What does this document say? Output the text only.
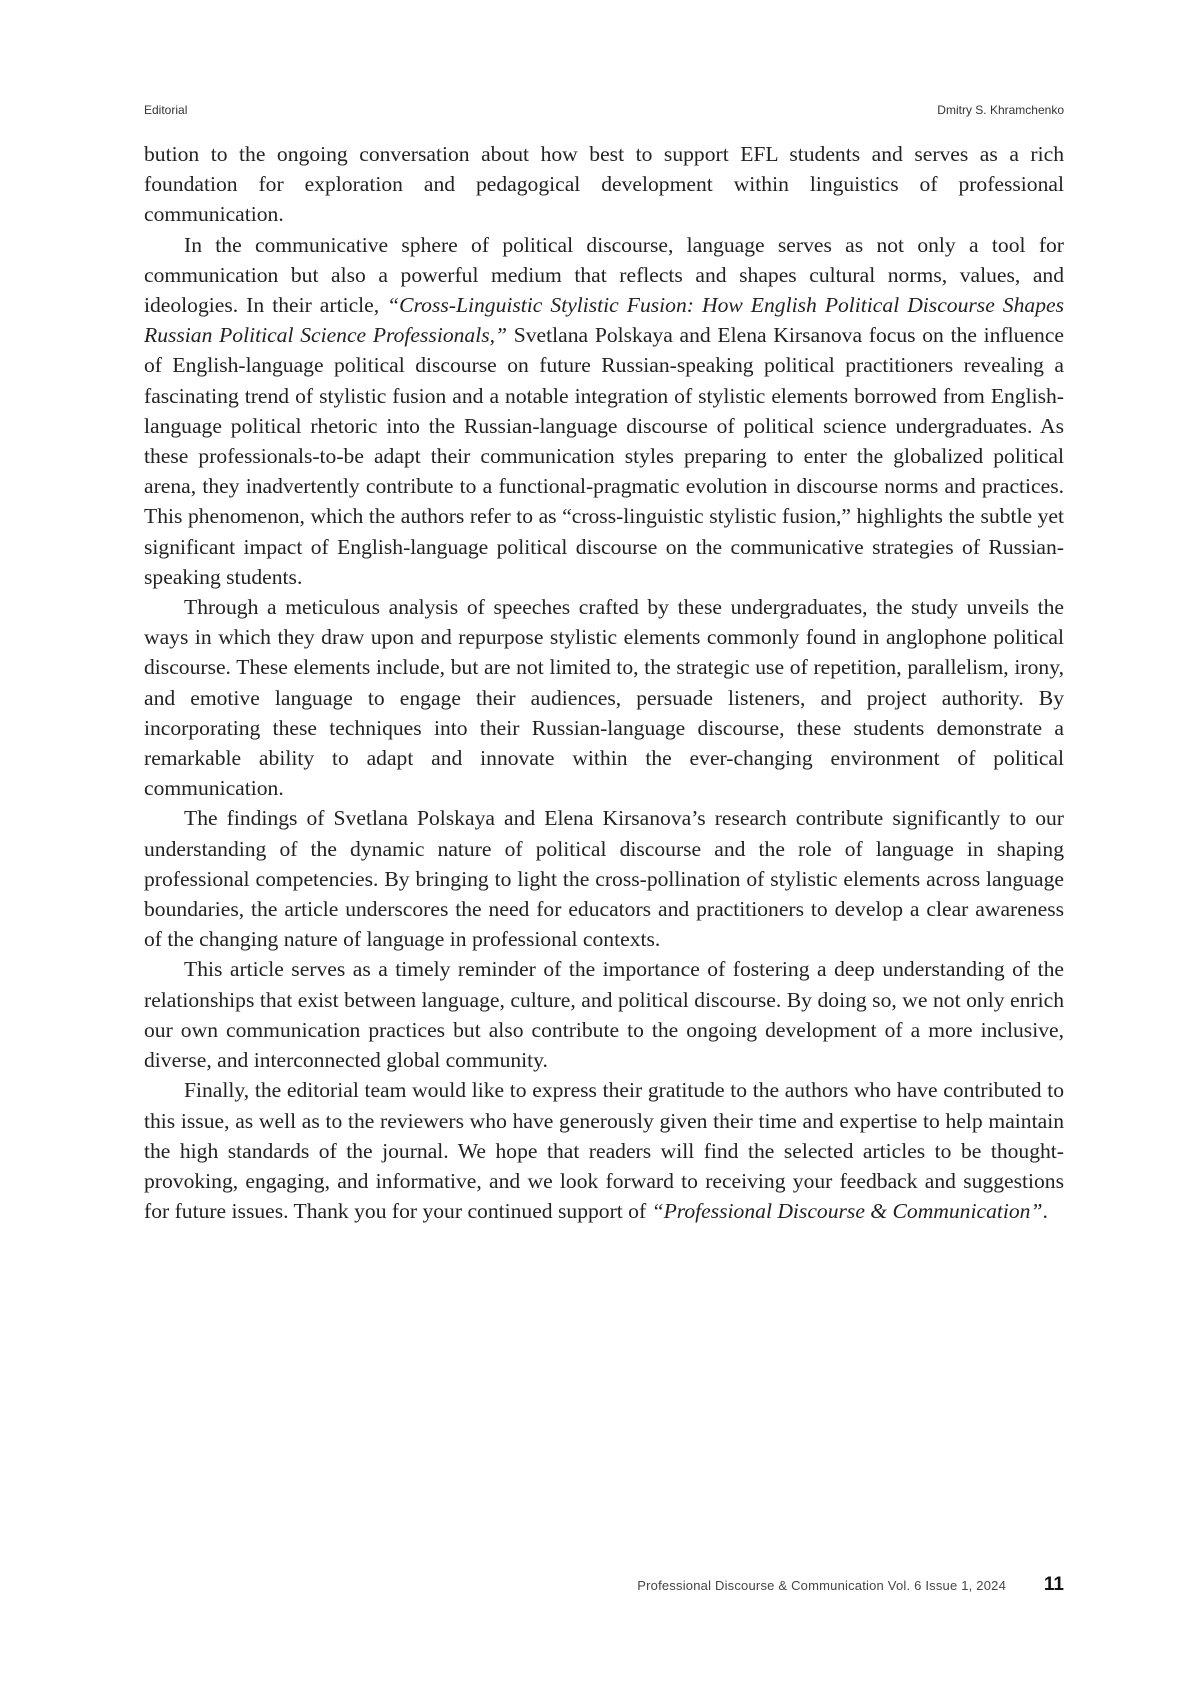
Editorial	Dmitry S. Khramchenko

bution to the ongoing conversation about how best to support EFL students and serves as a rich foundation for exploration and pedagogical development within linguistics of professional communication.

In the communicative sphere of political discourse, language serves as not only a tool for communication but also a powerful medium that reflects and shapes cultural norms, values, and ideologies. In their article, “Cross-Linguistic Stylistic Fusion: How English Political Discourse Shapes Russian Political Science Professionals,” Svetlana Polskaya and Elena Kirsanova focus on the influence of English-language political discourse on future Russian-speaking political practitioners revealing a fascinating trend of stylistic fusion and a notable integration of stylistic elements borrowed from English-language political rhetoric into the Russian-language discourse of political science undergraduates. As these professionals-to-be adapt their communication styles preparing to enter the globalized political arena, they inadvertently contribute to a functional-pragmatic evolution in discourse norms and practices. This phenomenon, which the authors refer to as “cross-linguistic stylistic fusion,” highlights the subtle yet significant impact of English-language political discourse on the communicative strategies of Russian-speaking students.

Through a meticulous analysis of speeches crafted by these undergraduates, the study unveils the ways in which they draw upon and repurpose stylistic elements commonly found in anglophone political discourse. These elements include, but are not limited to, the strategic use of repetition, parallelism, irony, and emotive language to engage their audiences, persuade listeners, and project authority. By incorporating these techniques into their Russian-language discourse, these students demonstrate a remarkable ability to adapt and innovate within the ever-changing environment of political communication.

The findings of Svetlana Polskaya and Elena Kirsanova’s research contribute significantly to our understanding of the dynamic nature of political discourse and the role of language in shaping professional competencies. By bringing to light the cross-pollination of stylistic elements across language boundaries, the article underscores the need for educators and practitioners to develop a clear awareness of the changing nature of language in professional contexts.

This article serves as a timely reminder of the importance of fostering a deep understanding of the relationships that exist between language, culture, and political discourse. By doing so, we not only enrich our own communication practices but also contribute to the ongoing development of a more inclusive, diverse, and interconnected global community.

Finally, the editorial team would like to express their gratitude to the authors who have contributed to this issue, as well as to the reviewers who have generously given their time and expertise to help maintain the high standards of the journal. We hope that readers will find the selected articles to be thought-provoking, engaging, and informative, and we look forward to receiving your feedback and suggestions for future issues. Thank you for your continued support of “Professional Discourse & Communication”.

Professional Discourse & Communication Vol. 6 Issue 1, 2024 11
